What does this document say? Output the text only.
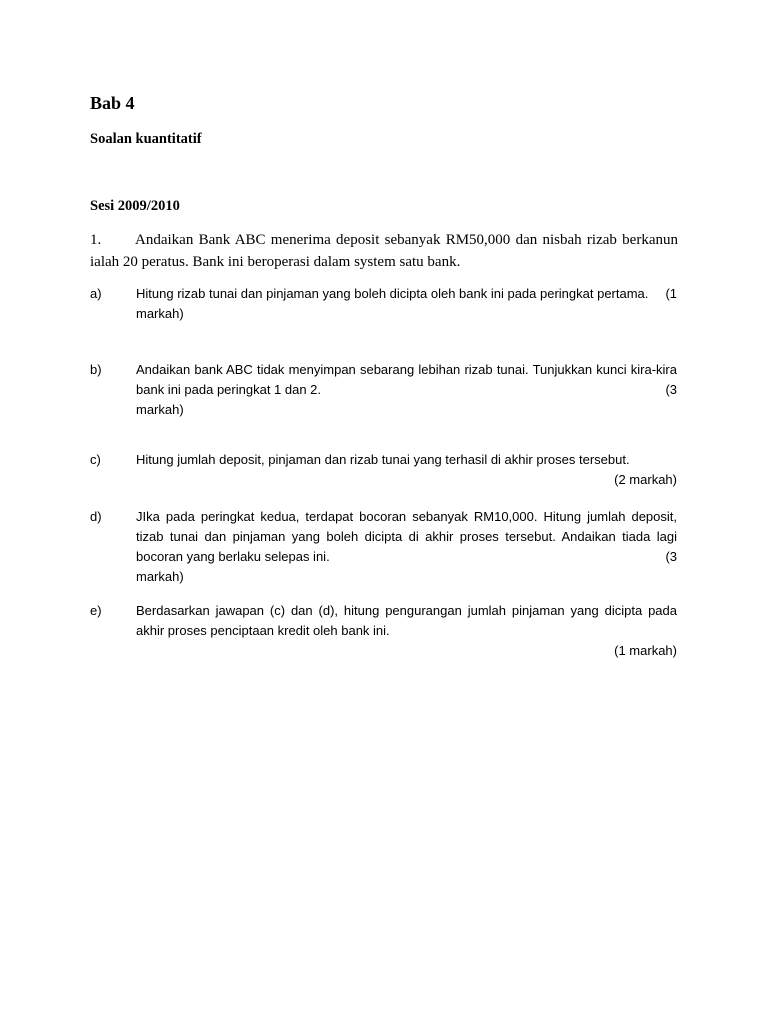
Bab 4
Soalan kuantitatif
Sesi 2009/2010

1. Andaikan Bank ABC menerima deposit sebanyak RM50,000 dan nisbah rizab berkanun ialah 20 peratus. Bank ini beroperasi dalam system satu bank.

a)	Hitung rizab tunai dan pinjaman yang boleh dicipta oleh bank ini pada peringkat pertama.	(1
markah)
b)	Andaikan bank ABC tidak menyimpan sebarang lebihan rizab tunai. Tunjukkan kunci kira-kira bank ini pada peringkat 1 dan 2.	(3
markah)
c)	Hitung jumlah deposit, pinjaman dan rizab tunai yang terhasil di akhir proses tersebut.
(2 markah)
d)	JIka pada peringkat kedua, terdapat bocoran sebanyak RM10,000. Hitung jumlah deposit, tizab tunai dan pinjaman yang boleh dicipta di akhir proses tersebut. Andaikan tiada lagi bocoran yang berlaku selepas ini.	(3
markah)
e)	Berdasarkan jawapan (c) dan (d), hitung pengurangan jumlah pinjaman yang dicipta pada akhir proses penciptaan kredit oleh bank ini.
(1 markah)
